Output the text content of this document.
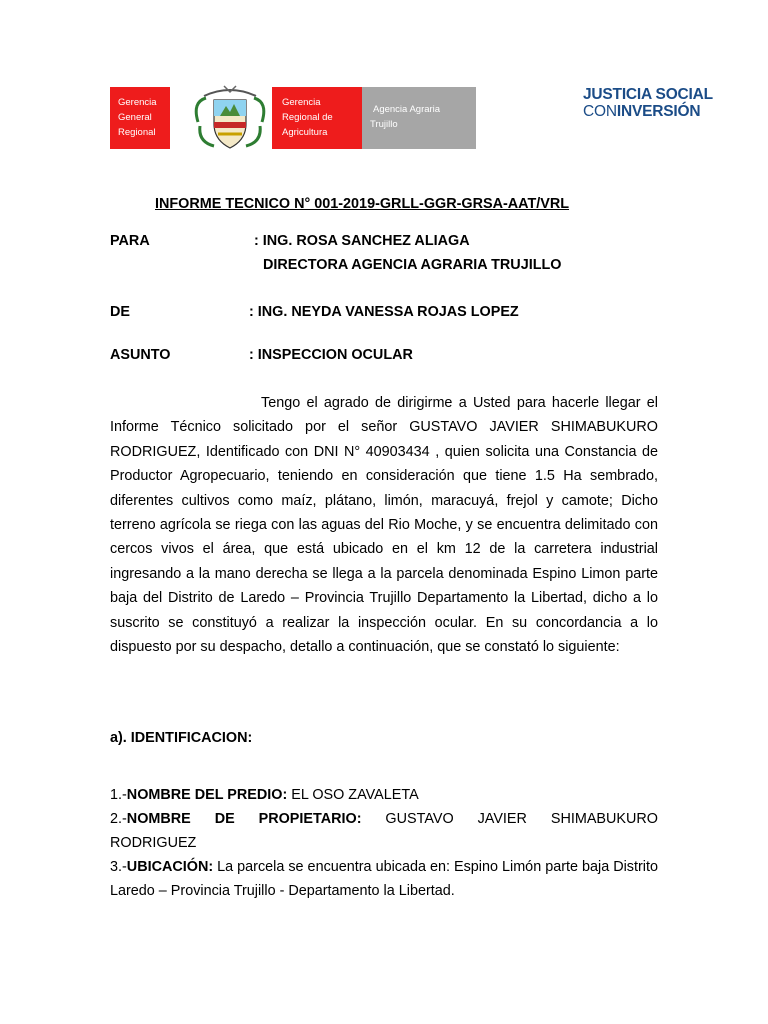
Gerencia
General
Regional
Gerencia
Regional de
Agricultura
Agencia Agraria
Trujillo
JUSTICIA SOCIAL
CONINVERSIÓN
INFORME TECNICO N° 001-2019-GRLL-GGR-GRSA-AAT/VRL
PARA	: ING. ROSA SANCHEZ ALIAGA
DIRECTORA AGENCIA AGRARIA TRUJILLO
DE	: ING. NEYDA VANESSA ROJAS LOPEZ
ASUNTO	: INSPECCION OCULAR
Tengo el agrado de dirigirme a Usted para hacerle llegar el Informe Técnico solicitado por el señor GUSTAVO JAVIER SHIMABUKURO RODRIGUEZ, Identificado con DNI N° 40903434 , quien solicita una Constancia de Productor Agropecuario, teniendo en consideración que tiene 1.5 Ha sembrado, diferentes cultivos como maíz, plátano, limón, maracuyá, frejol y camote; Dicho terreno agrícola se riega con las aguas del Rio Moche, y se encuentra delimitado con cercos vivos el área, que está ubicado en el km 12 de la carretera industrial ingresando a la mano derecha se llega a la parcela denominada Espino Limon parte baja del Distrito de Laredo – Provincia Trujillo Departamento la Libertad, dicho a lo suscrito se constituyó a realizar la inspección ocular. En su concordancia a lo dispuesto por su despacho, detallo a continuación, que se constató lo siguiente:
a). IDENTIFICACION:
1.-NOMBRE DEL PREDIO: EL OSO ZAVALETA
2.-NOMBRE DE PROPIETARIO: GUSTAVO JAVIER SHIMABUKURO
RODRIGUEZ
3.-UBICACIÓN: La parcela se encuentra ubicada en: Espino Limón parte baja Distrito Laredo – Provincia Trujillo - Departamento la Libertad.
